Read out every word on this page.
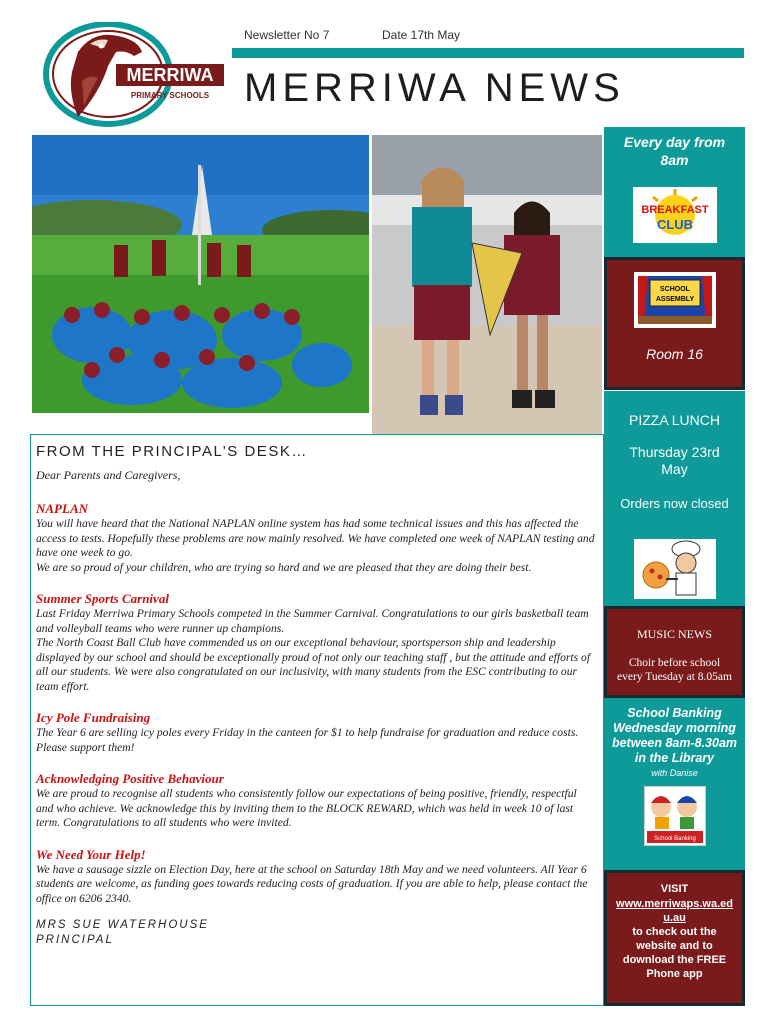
MERRIWA
PRIMARY SCHOOLS
Newsletter No 7	Date 17th May
MERRIWA NEWS
FROM THE PRINCIPAL’S DESK…
Dear Parents and Caregivers,

NAPLAN

You will have heard that the National NAPLAN online system has had some technical issues and this has affected the access to tests. Hopefully these problems are now mainly resolved. We have completed one week of NAPLAN testing and have one week to go.
We are so proud of your children, who are trying so hard and we are pleased that they are doing their best.

Summer Sports Carnival

Last Friday Merriwa Primary Schools competed in the Summer Carnival. Congratulations to our girls basketball team and volleyball teams who were runner up champions.
The North Coast Ball Club have commended us on our exceptional behaviour, sportsperson ship and leadership displayed by our school and should be exceptionally proud of not only our teaching staff , but the attitude and efforts of all our students. We were also congratulated on our inclusivity, with many students from the ESC contributing to our team effort.

Icy Pole Fundraising

The Year 6 are selling icy poles every Friday in the canteen for $1 to help fundraise for graduation and reduce costs. Please support them!

Acknowledging Positive Behaviour

We are proud to recognise all students who consistently follow our expectations of being positive, friendly, respectful and who achieve. We acknowledge this by inviting them to the BLOCK REWARD, which was held in week 10 of last term. Congratulations to all students who were invited.

We Need Your Help!

We have a sausage sizzle on Election Day, here at the school on Saturday 18th May and we need volunteers. All Year 6 students are welcome, as funding goes towards reducing costs of graduation. If you are able to help, please contact the office on 6206 2340.

MRS SUE WATERHOUSE
PRINCIPAL
Every day from 8am
BREAKFAST
CLUB
SCHOOL
ASSEMBLY
Room 16
PIZZA LUNCH
Thursday 23rd May
Orders now closed
MUSIC NEWS
Choir before school every Tuesday at 8.05am
School Banking Wednesday morning between 8am-8.30am in the Library
with Danise
School Banking
VISIT
www.merriwaps.wa.edu.au
to check out the website and to download the FREE Phone app
